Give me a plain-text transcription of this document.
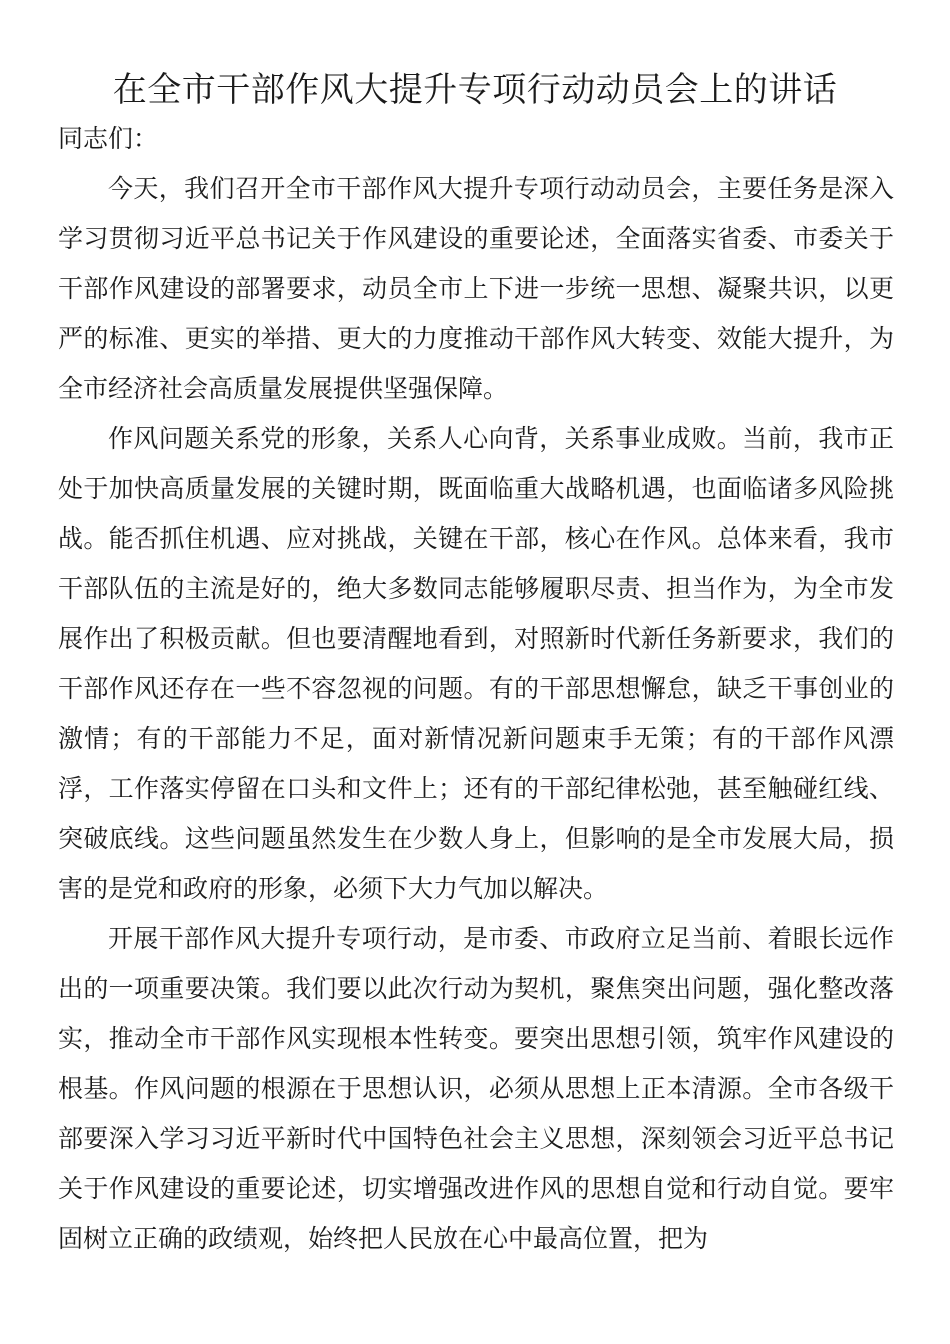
在全市干部作风大提升专项行动动员会上的讲话

同志们：

今天，我们召开全市干部作风大提升专项行动动员会，主要任务是深入学习贯彻习近平总书记关于作风建设的重要论述，全面落实省委、市委关于干部作风建设的部署要求，动员全市上下进一步统一思想、凝聚共识，以更严的标准、更实的举措、更大的力度推动干部作风大转变、效能大提升，为全市经济社会高质量发展提供坚强保障。

作风问题关系党的形象，关系人心向背，关系事业成败。当前，我市正处于加快高质量发展的关键时期，既面临重大战略机遇，也面临诸多风险挑战。能否抓住机遇、应对挑战，关键在干部，核心在作风。总体来看，我市干部队伍的主流是好的，绝大多数同志能够履职尽责、担当作为，为全市发展作出了积极贡献。但也要清醒地看到，对照新时代新任务新要求，我们的干部作风还存在一些不容忽视的问题。有的干部思想懈怠，缺乏干事创业的激情；有的干部能力不足，面对新情况新问题束手无策；有的干部作风漂浮，工作落实停留在口头和文件上；还有的干部纪律松弛，甚至触碰红线、突破底线。这些问题虽然发生在少数人身上，但影响的是全市发展大局，损害的是党和政府的形象，必须下大力气加以解决。

开展干部作风大提升专项行动，是市委、市政府立足当前、着眼长远作出的一项重要决策。我们要以此次行动为契机，聚焦突出问题，强化整改落实，推动全市干部作风实现根本性转变。要突出思想引领，筑牢作风建设的根基。作风问题的根源在于思想认识，必须从思想上正本清源。全市各级干部要深入学习习近平新时代中国特色社会主义思想，深刻领会习近平总书记关于作风建设的重要论述，切实增强改进作风的思想自觉和行动自觉。要牢固树立正确的政绩观，始终把人民放在心中最高位置，把为
